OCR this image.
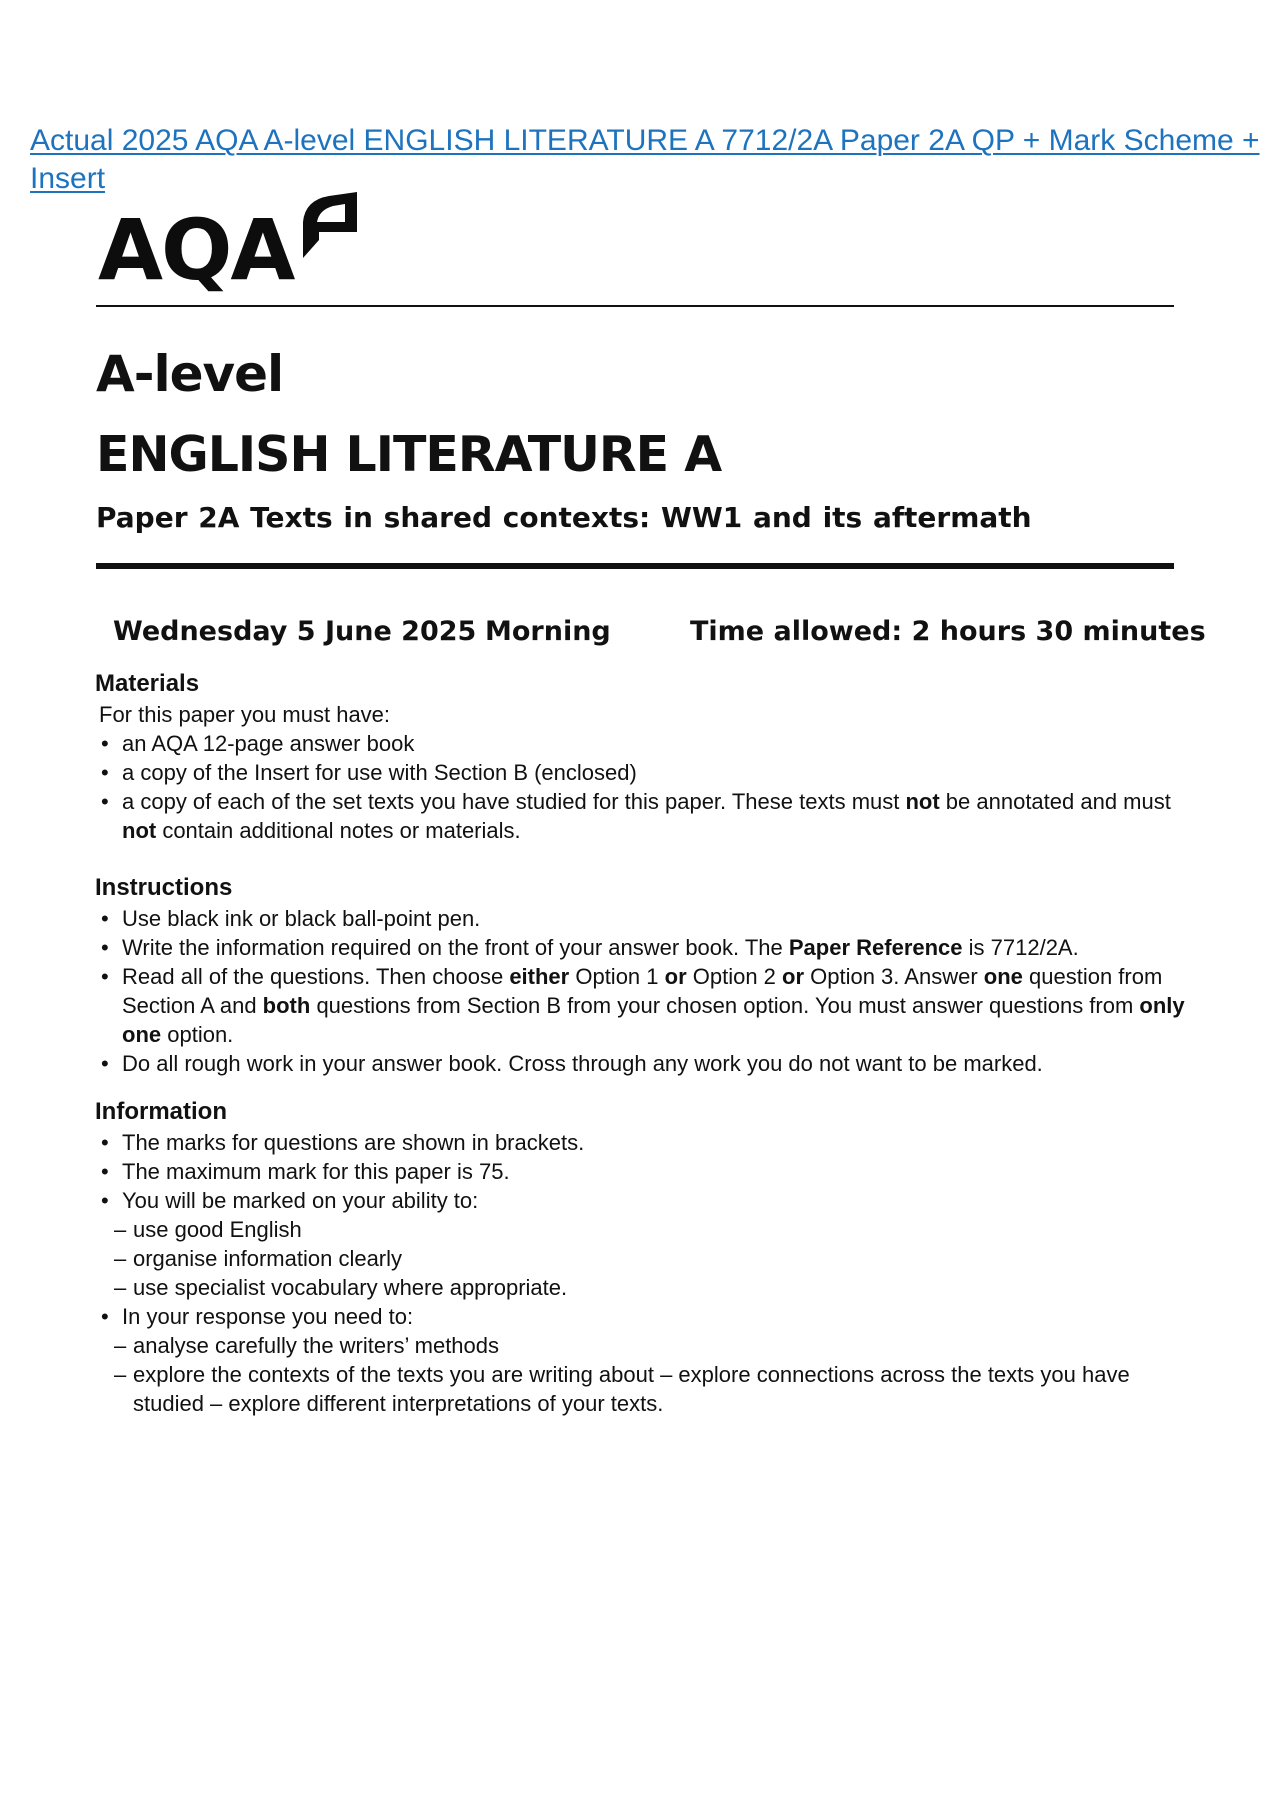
Actual 2025 AQA A-level ENGLISH LITERATURE A 7712/2A Paper 2A QP + Mark Scheme + Insert
AQA
A-level
ENGLISH LITERATURE A
Paper 2A Texts in shared contexts: WW1 and its aftermath
Wednesday 5 June 2025 Morning	Time allowed: 2 hours 30 minutes
Materials

For this paper you must have:

• an AQA 12-page answer book
• a copy of the Insert for use with Section B (enclosed)
• a copy of each of the set texts you have studied for this paper. These texts must not be annotated and must not contain additional notes or materials.
Instructions
• Use black ink or black ball-point pen.
• Write the information required on the front of your answer book. The Paper Reference is 7712/2A.
• Read all of the questions. Then choose either Option 1 or Option 2 or Option 3. Answer one question from Section A and both questions from Section B from your chosen option. You must answer questions from only one option.
• Do all rough work in your answer book. Cross through any work you do not want to be marked.
Information
• The marks for questions are shown in brackets.
• The maximum mark for this paper is 75.
• You will be marked on your ability to:
– use good English
– organise information clearly
– use specialist vocabulary where appropriate.
• In your response you need to:
– analyse carefully the writers’ methods
– explore the contexts of the texts you are writing about – explore connections across the texts you have studied – explore different interpretations of your texts.
